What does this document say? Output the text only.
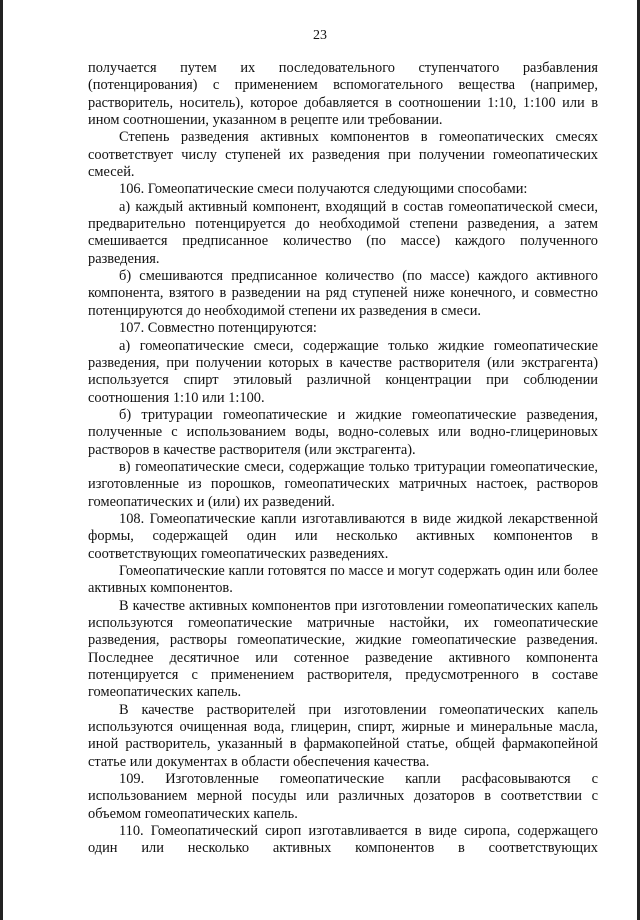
23

получается путем их последовательного ступенчатого разбавления (потенцирования) с применением вспомогательного вещества (например, растворитель, носитель), которое добавляется в соотношении 1:10, 1:100 или в ином соотношении, указанном в рецепте или требовании.

Степень разведения активных компонентов в гомеопатических смесях соответствует числу ступеней их разведения при получении гомеопатических смесей.

106. Гомеопатические смеси получаются следующими способами:

а) каждый активный компонент, входящий в состав гомеопатической смеси, предварительно потенцируется до необходимой степени разведения, а затем смешивается предписанное количество (по массе) каждого полученного разведения.

б) смешиваются предписанное количество (по массе) каждого активного компонента, взятого в разведении на ряд ступеней ниже конечного, и совместно потенцируются до необходимой степени их разведения в смеси.

107. Совместно потенцируются:

а) гомеопатические смеси, содержащие только жидкие гомеопатические разведения, при получении которых в качестве растворителя (или экстрагента) используется спирт этиловый различной концентрации при соблюдении соотношения 1:10 или 1:100.

б) тритурации гомеопатические и жидкие гомеопатические разведения, полученные с использованием воды, водно-солевых или водно-глицериновых растворов в качестве растворителя (или экстрагента).

в) гомеопатические смеси, содержащие только тритурации гомеопатические, изготовленные из порошков, гомеопатических матричных настоек, растворов гомеопатических и (или) их разведений.

108. Гомеопатические капли изготавливаются в виде жидкой лекарственной формы, содержащей один или несколько активных компонентов в соответствующих гомеопатических разведениях.

Гомеопатические капли готовятся по массе и могут содержать один или более активных компонентов.

В качестве активных компонентов при изготовлении гомеопатических капель используются гомеопатические матричные настойки, их гомеопатические разведения, растворы гомеопатические, жидкие гомеопатические разведения. Последнее десятичное или сотенное разведение активного компонента потенцируется с применением растворителя, предусмотренного в составе гомеопатических капель.

В качестве растворителей при изготовлении гомеопатических капель используются очищенная вода, глицерин, спирт, жирные и минеральные масла, иной растворитель, указанный в фармакопейной статье, общей фармакопейной статье или документах в области обеспечения качества.

109. Изготовленные гомеопатические капли расфасовываются с использованием мерной посуды или различных дозаторов в соответствии с объемом гомеопатических капель.

110. Гомеопатический сироп изготавливается в виде сиропа, содержащего один или несколько активных компонентов в соответствующих
